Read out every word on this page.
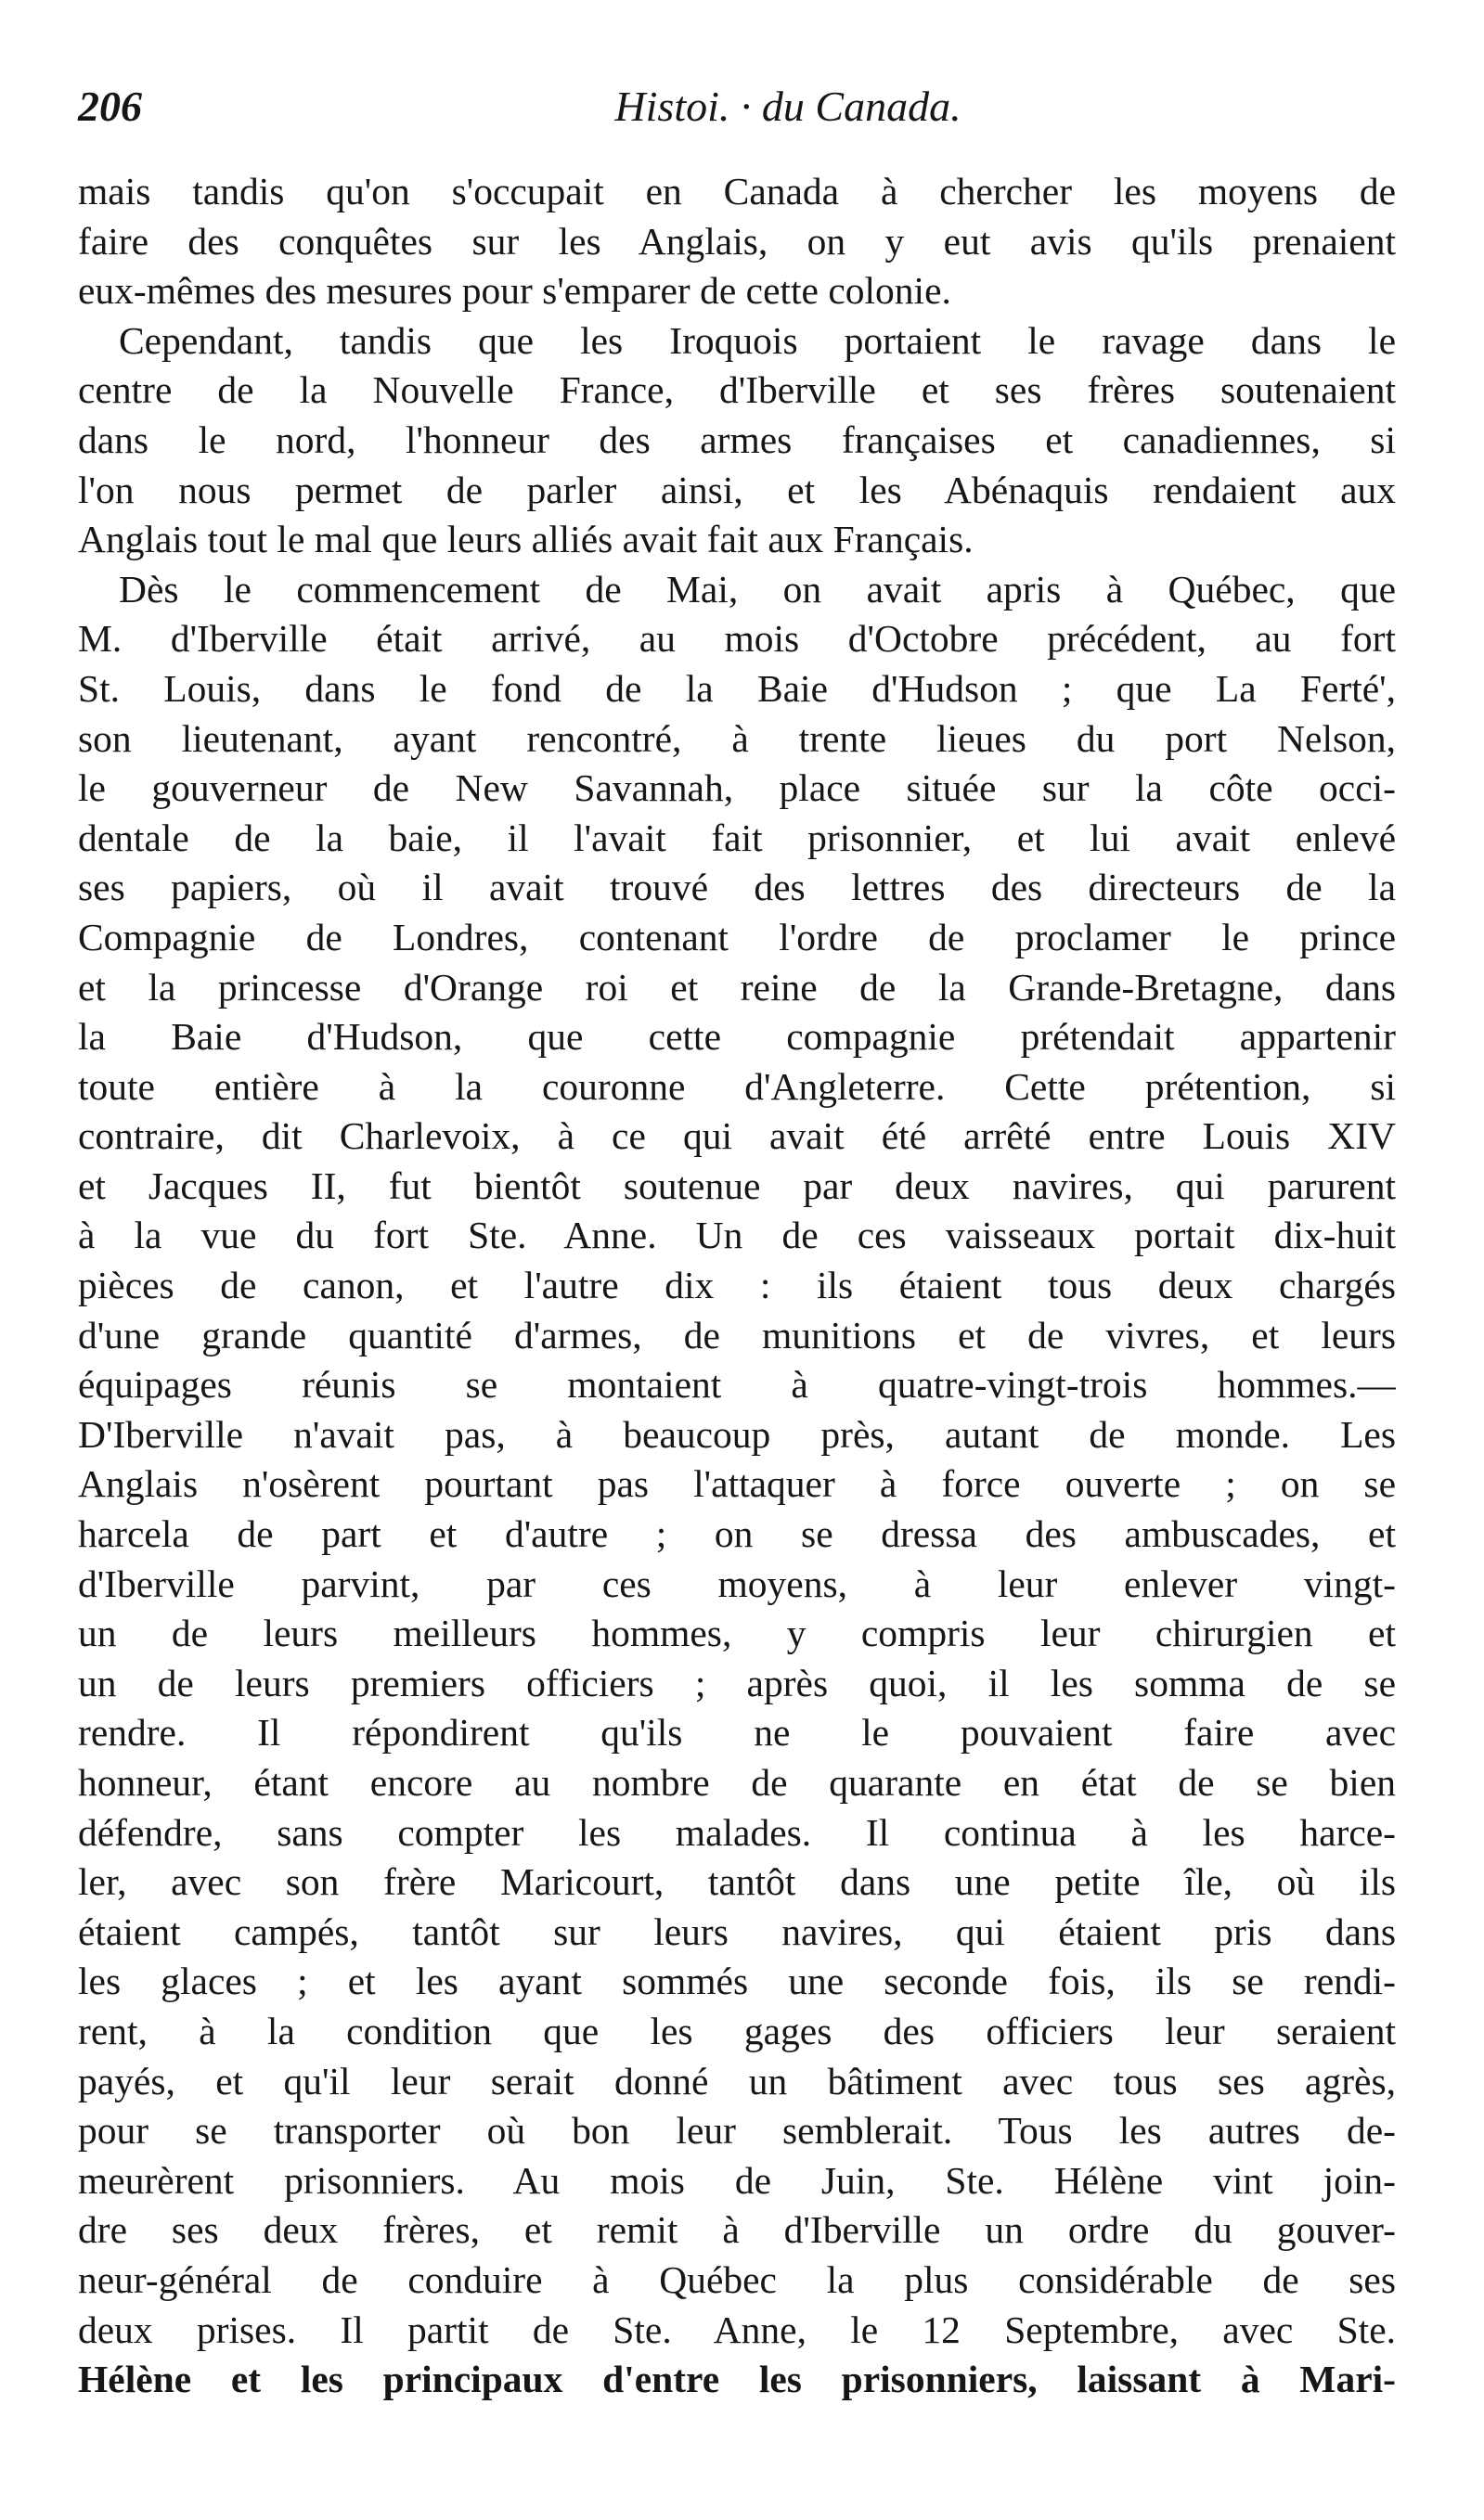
206	Histoi. · du Canada.
mais tandis qu'on s'occupait en Canada à chercher les moyens de
faire des conquêtes sur les Anglais, on y eut avis qu'ils prenaient
eux-mêmes des mesures pour s'emparer de cette colonie.
Cependant, tandis que les Iroquois portaient le ravage dans le
centre de la Nouvelle France, d'Iberville et ses frères soutenaient
dans le nord, l'honneur des armes françaises et canadiennes, si
l'on nous permet de parler ainsi, et les Abénaquis rendaient aux
Anglais tout le mal que leurs alliés avait fait aux Français.
Dès le commencement de Mai, on avait apris à Québec, que
M. d'Iberville était arrivé, au mois d'Octobre précédent, au fort
St. Louis, dans le fond de la Baie d'Hudson ; que La Ferté',
son lieutenant, ayant rencontré, à trente lieues du port Nelson,
le gouverneur de New Savannah, place située sur la côte occi-
dentale de la baie, il l'avait fait prisonnier, et lui avait enlevé
ses papiers, où il avait trouvé des lettres des directeurs de la
Compagnie de Londres, contenant l'ordre de proclamer le prince
et la princesse d'Orange roi et reine de la Grande-Bretagne, dans
la Baie d'Hudson, que cette compagnie prétendait appartenir
toute entière à la couronne d'Angleterre. Cette prétention, si
contraire, dit Charlevoix, à ce qui avait été arrêté entre Louis XIV
et Jacques II, fut bientôt soutenue par deux navires, qui parurent
à la vue du fort Ste. Anne. Un de ces vaisseaux portait dix-huit
pièces de canon, et l'autre dix : ils étaient tous deux chargés
d'une grande quantité d'armes, de munitions et de vivres, et leurs
équipages réunis se montaient à quatre-vingt-trois hommes.—
D'Iberville n'avait pas, à beaucoup près, autant de monde. Les
Anglais n'osèrent pourtant pas l'attaquer à force ouverte ; on se
harcela de part et d'autre ; on se dressa des ambuscades, et
d'Iberville parvint, par ces moyens, à leur enlever vingt-
un de leurs meilleurs hommes, y compris leur chirurgien et
un de leurs premiers officiers ; après quoi, il les somma de se
rendre. Il répondirent qu'ils ne le pouvaient faire avec
honneur, étant encore au nombre de quarante en état de se bien
défendre, sans compter les malades. Il continua à les harce-
ler, avec son frère Maricourt, tantôt dans une petite île, où ils
étaient campés, tantôt sur leurs navires, qui étaient pris dans
les glaces ; et les ayant sommés une seconde fois, ils se rendi-
rent, à la condition que les gages des officiers leur seraient
payés, et qu'il leur serait donné un bâtiment avec tous ses agrès,
pour se transporter où bon leur semblerait. Tous les autres de-
meurèrent prisonniers. Au mois de Juin, Ste. Hélène vint join-
dre ses deux frères, et remit à d'Iberville un ordre du gouver-
neur-général de conduire à Québec la plus considérable de ses
deux prises. Il partit de Ste. Anne, le 12 Septembre, avec Ste.
Hélène et les principaux d'entre les prisonniers, laissant à Mari-
